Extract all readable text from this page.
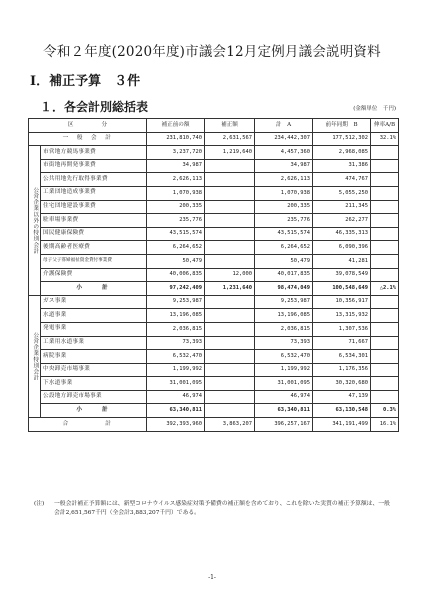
令和２年度(2020年度)市議会12月定例月議会説明資料
Ⅰ．補正予算　３件
１．各会計別総括表	(金額単位　千円)
区　　　　　分		補正前の額	補正額	計　A	前年同期　B	伸率A/B
一　般　会　計		231,810,740	2,631,567	234,442,307	177,512,302	32.1%
公営企業以外の特別会計	市営地方競馬事業費	3,237,720	1,219,640	4,457,360	2,968,085	
	市街地再開発事業費	34,987		34,987	31,386	
	公共用地先行取得事業費	2,626,113		2,626,113	474,767	
	工業団地造成事業費	1,070,938		1,070,938	5,055,250	
	住宅団地建設事業費	200,335		200,335	211,345	
	駐車場事業費	235,776		235,776	262,277	
	国民健康保険費	43,515,574		43,515,574	46,335,313	
	後期高齢者医療費	6,264,652		6,264,652	6,090,396	
	母子父子寡婦福祉資金貸付事業費	50,479		50,479	41,281	
	介護保険費	40,006,835	12,000	40,017,835	39,078,549	
	小　　計	97,242,409	1,231,640	98,474,049	100,548,649	△2.1%
公営企業特別会計	ガス事業	9,253,987		9,253,987	10,356,917	
	水道事業	13,196,085		13,196,085	13,315,932	
	発電事業	2,036,815		2,036,815	1,307,536	
	工業用水道事業	73,393		73,393	71,667	
	病院事業	6,532,470		6,532,470	6,534,301	
	中央卸売市場事業	1,199,992		1,199,992	1,176,356	
	下水道事業	31,001,095		31,001,095	30,320,680	
	公設地方卸売市場事業	46,974		46,974	47,139	
	小　　計	63,340,811		63,340,811	63,130,548	0.3%
合　　　　　計		392,393,960	3,863,207	396,257,167	341,191,499	16.1%
(注) 一般会計補正予算額には、新型コロナウイルス感染症対策予備費の補正額を含めており、これを除いた実質の補正予算額は、一般会計2,651,567千円（全会計3,883,207千円）である。
-1-
